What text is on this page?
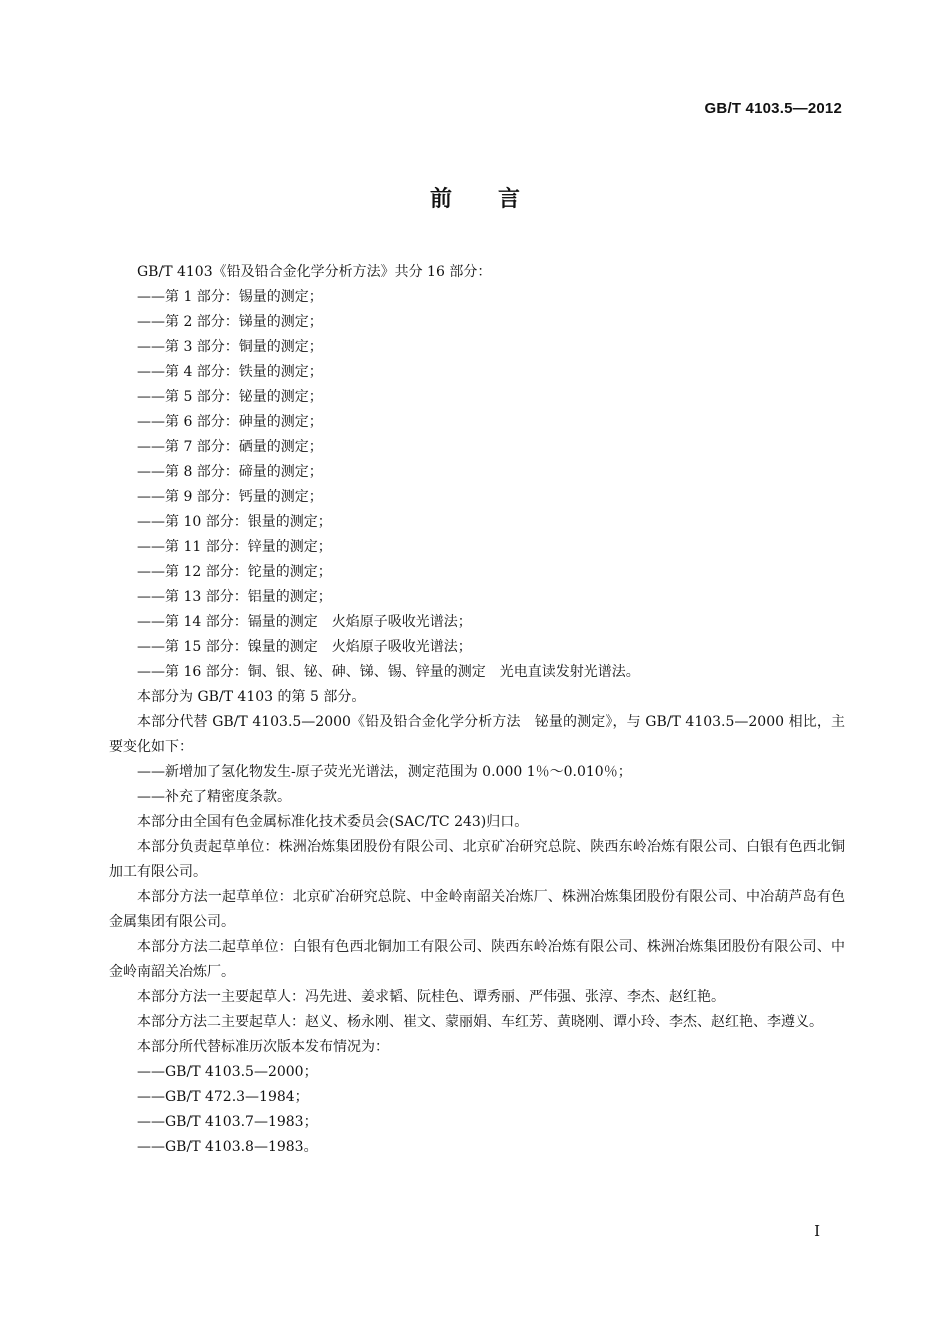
GB/T 4103.5—2012
前言

GB/T 4103《铅及铅合金化学分析方法》共分 16 部分：

——第 1 部分：锡量的测定；

——第 2 部分：锑量的测定；

——第 3 部分：铜量的测定；

——第 4 部分：铁量的测定；

——第 5 部分：铋量的测定；

——第 6 部分：砷量的测定；

——第 7 部分：硒量的测定；

——第 8 部分：碲量的测定；

——第 9 部分：钙量的测定；

——第 10 部分：银量的测定；

——第 11 部分：锌量的测定；

——第 12 部分：铊量的测定；

——第 13 部分：铝量的测定；

——第 14 部分：镉量的测定　火焰原子吸收光谱法；

——第 15 部分：镍量的测定　火焰原子吸收光谱法；

——第 16 部分：铜、银、铋、砷、锑、锡、锌量的测定　光电直读发射光谱法。

本部分为 GB/T 4103 的第 5 部分。

本部分代替 GB/T 4103.5—2000《铅及铅合金化学分析方法　铋量的测定》，与 GB/T 4103.5—2000 相比，主要变化如下：

——新增加了氢化物发生-原子荧光光谱法，测定范围为 0.000 1％～0.010％；

——补充了精密度条款。

本部分由全国有色金属标准化技术委员会(SAC/TC 243)归口。

本部分负责起草单位：株洲冶炼集团股份有限公司、北京矿冶研究总院、陕西东岭冶炼有限公司、白银有色西北铜加工有限公司。

本部分方法一起草单位：北京矿冶研究总院、中金岭南韶关冶炼厂、株洲冶炼集团股份有限公司、中冶葫芦岛有色金属集团有限公司。

本部分方法二起草单位：白银有色西北铜加工有限公司、陕西东岭冶炼有限公司、株洲冶炼集团股份有限公司、中金岭南韶关冶炼厂。

本部分方法一主要起草人：冯先进、姜求韬、阮桂色、谭秀丽、严伟强、张淳、李杰、赵红艳。

本部分方法二主要起草人：赵义、杨永刚、崔文、蒙丽娟、车红芳、黄晓刚、谭小玲、李杰、赵红艳、李遵义。

本部分所代替标准历次版本发布情况为：

——GB/T 4103.5—2000；

——GB/T 472.3—1984；

——GB/T 4103.7—1983；

——GB/T 4103.8—1983。

I
